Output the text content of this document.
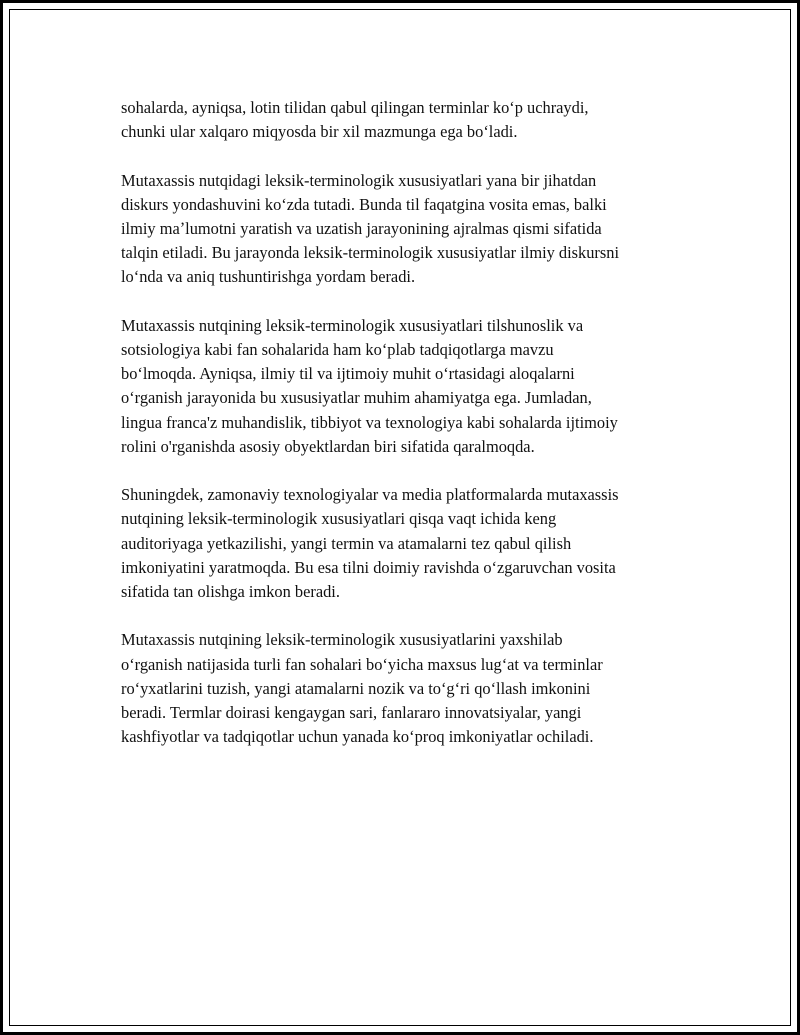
sohalarda, ayniqsa, lotin tilidan qabul qilingan terminlar koʻp uchraydi,
chunki ular xalqaro miqyosda bir xil mazmunga ega boʻladi.

Mutaxassis nutqidagi leksik-terminologik xususiyatlari yana bir jihatdan
diskurs yondashuvini koʻzda tutadi. Bunda til faqatgina vosita emas, balki
ilmiy maʼlumotni yaratish va uzatish jarayonining ajralmas qismi sifatida
talqin etiladi. Bu jarayonda leksik-terminologik xususiyatlar ilmiy diskursni
loʻnda va aniq tushuntirishga yordam beradi.

Mutaxassis nutqining leksik-terminologik xususiyatlari tilshunoslik va
sotsiologiya kabi fan sohalarida ham koʻplab tadqiqotlarga mavzu
boʻlmoqda. Ayniqsa, ilmiy til va ijtimoiy muhit oʻrtasidagi aloqalarni
oʻrganish jarayonida bu xususiyatlar muhim ahamiyatga ega. Jumladan,
lingua franca'z muhandislik, tibbiyot va texnologiya kabi sohalarda ijtimoiy
rolini o'rganishda asosiy obyektlardan biri sifatida qaralmoqda.

Shuningdek, zamonaviy texnologiyalar va media platformalarda mutaxassis
nutqining leksik-terminologik xususiyatlari qisqa vaqt ichida keng
auditoriyaga yetkazilishi, yangi termin va atamalarni tez qabul qilish
imkoniyatini yaratmoqda. Bu esa tilni doimiy ravishda oʻzgaruvchan vosita
sifatida tan olishga imkon beradi.

Mutaxassis nutqining leksik-terminologik xususiyatlarini yaxshilab
oʻrganish natijasida turli fan sohalari boʻyicha maxsus lugʻat va terminlar
roʻyxatlarini tuzish, yangi atamalarni nozik va toʻgʻri qoʻllash imkonini
beradi. Termlar doirasi kengaygan sari, fanlararo innovatsiyalar, yangi
kashfiyotlar va tadqiqotlar uchun yanada koʻproq imkoniyatlar ochiladi.
